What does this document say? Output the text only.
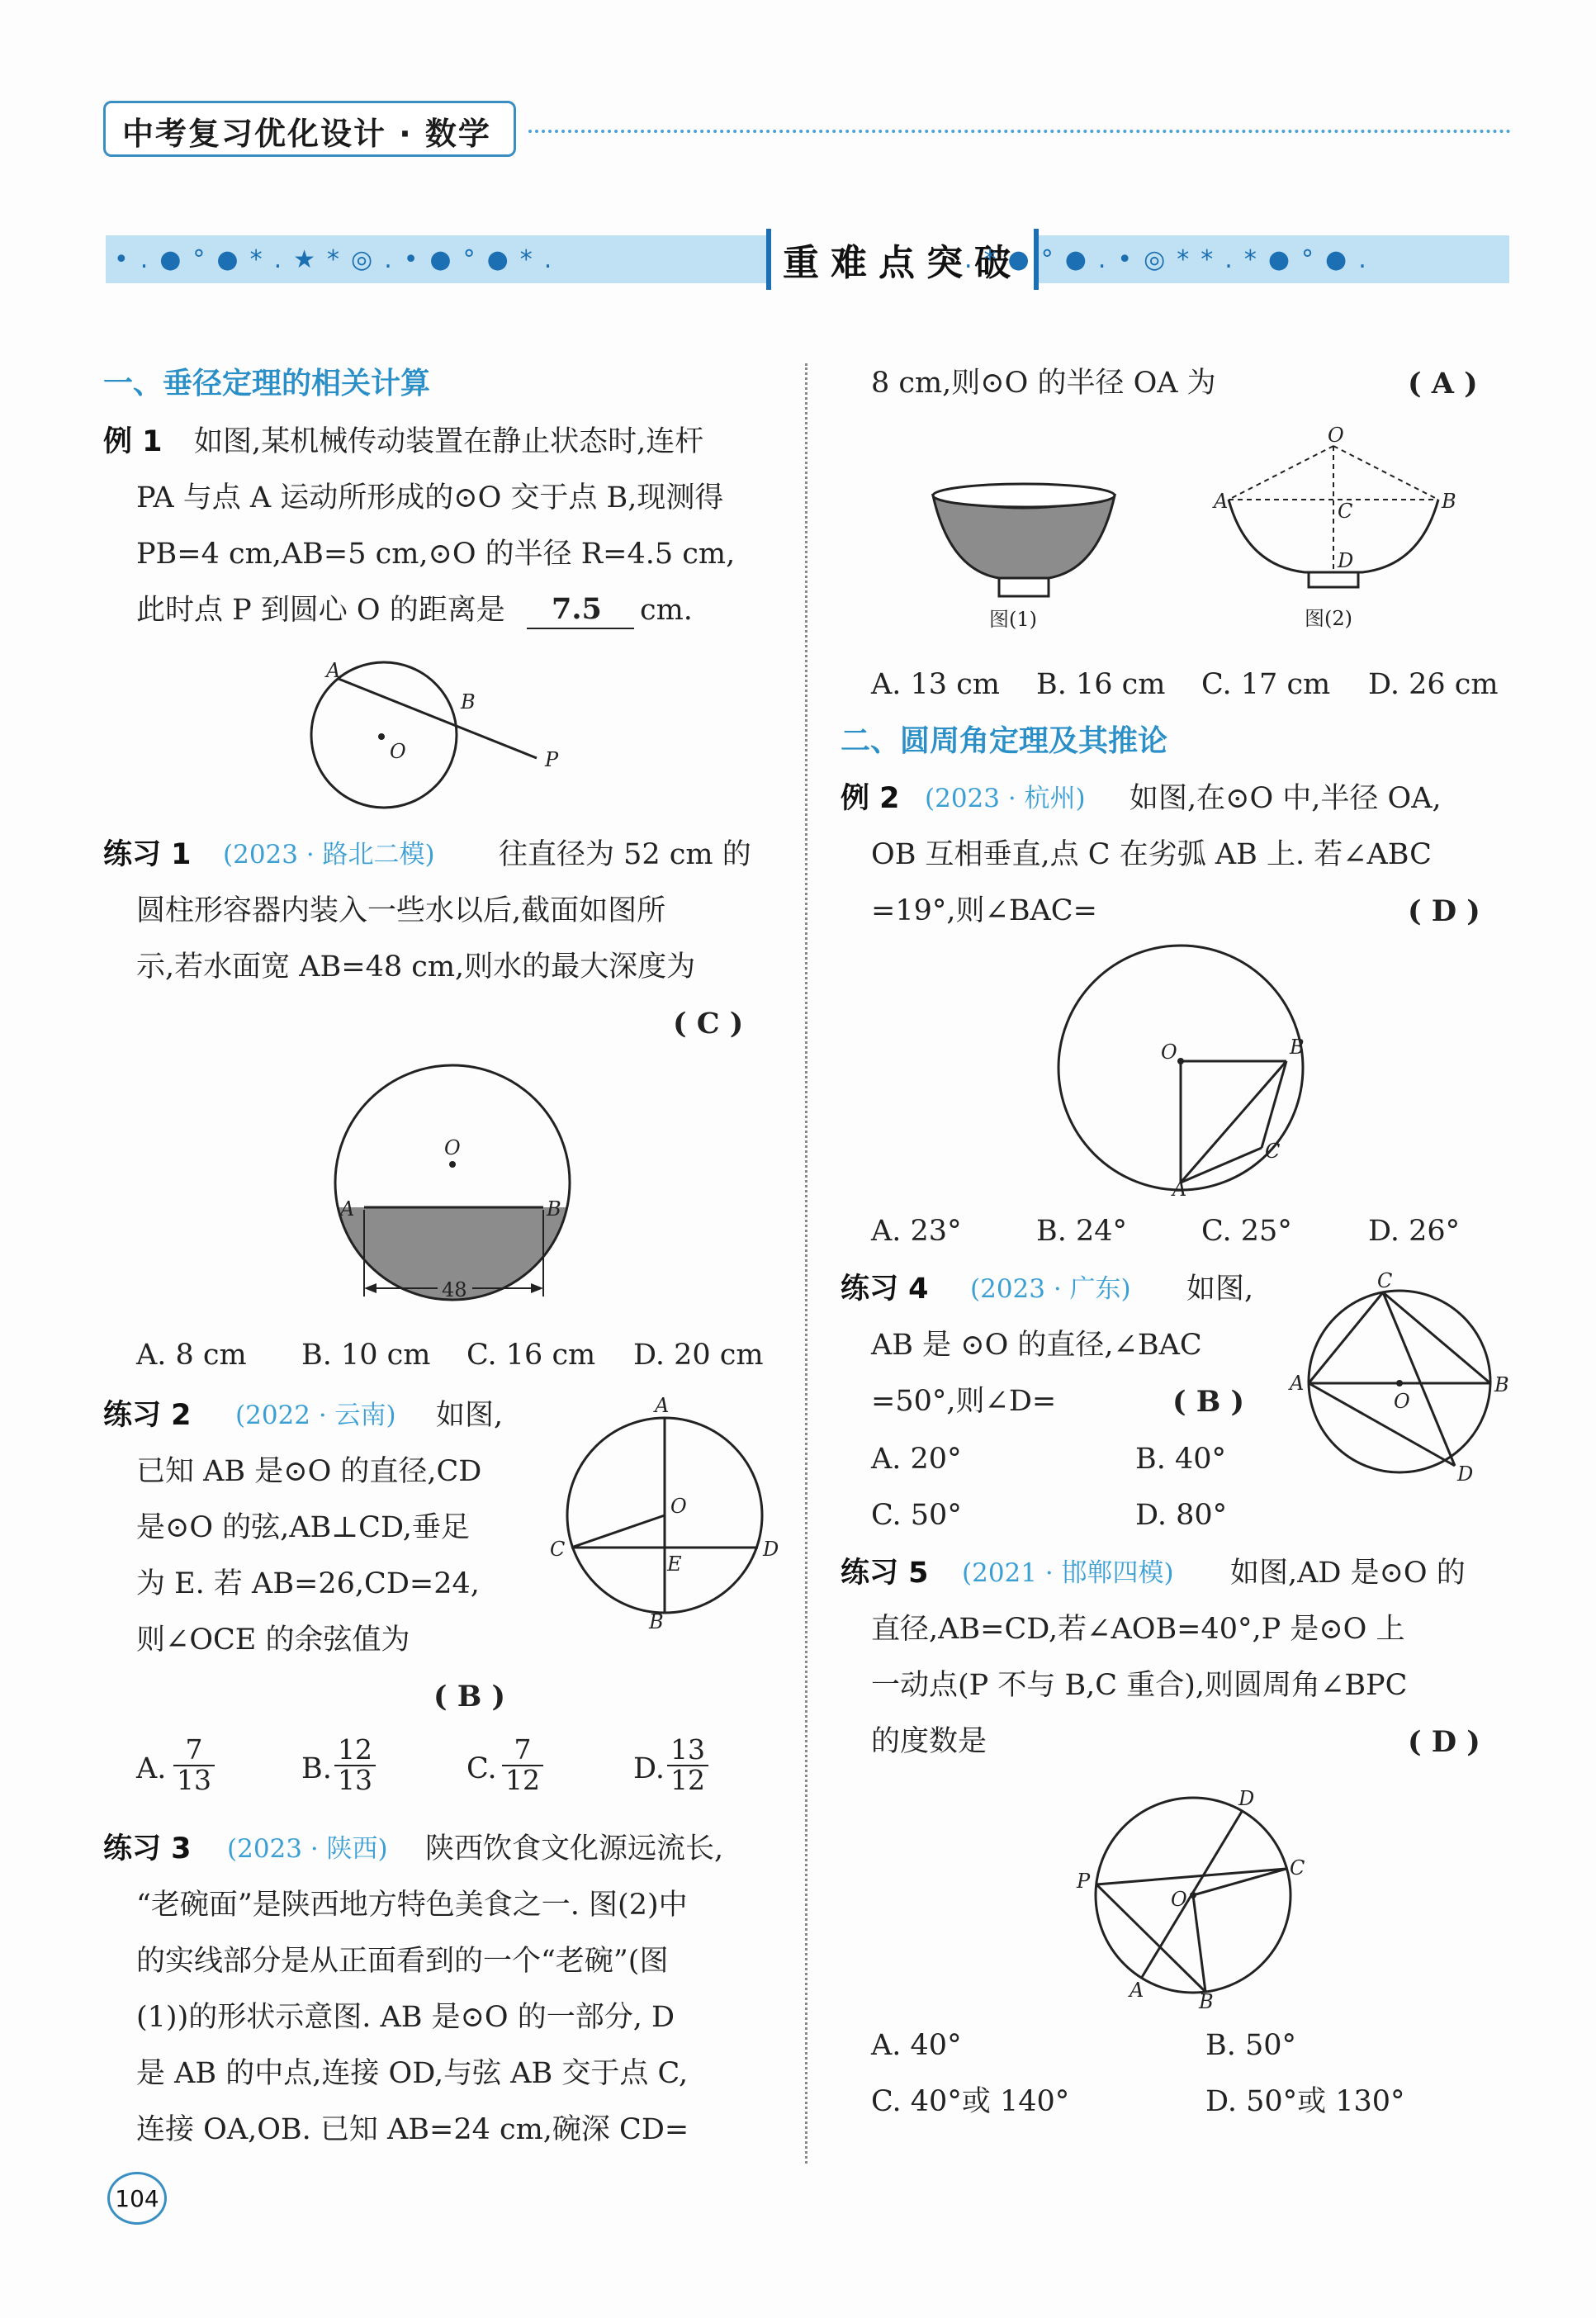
中考复习优化设计 · 数学
•.●°●*.★*◎.•●°●*.	重难点突破
.*●°●.•◎**.*●°●.
一、垂径定理的相关计算
例 1 如图,某机械传动装置在静止状态时,连杆
PA 与点 A 运动所形成的⊙O 交于点 B,现测得
PB=4 cm,AB=5 cm,⊙O 的半径 R=4.5 cm,
此时点 P 到圆心 O 的距离是 7.5 cm.
A
B
O	P
练习 1 (2023 · 路北二模) 往直径为 52 cm 的
圆柱形容器内装入一些水以后,截面如图所
示,若水面宽 AB=48 cm,则水的最大深度为
( C )
O
A	B
48
A. 8 cm B. 10 cm C. 16 cm D. 20 cm
练习 2 (2022 · 云南) 如图,
已知 AB 是⊙O 的直径,CD
是⊙O 的弦,AB⊥CD,垂足
为 E. 若 AB=26,CD=24,
则∠OCE 的余弦值为
( B )
A
B
C	D
E
O
A. $\frac{7}{13}$	B. $\frac{12}{13}$	C. $\frac{7}{12}$	D. $\frac{13}{12}$
练习 3 (2023 · 陕西) 陕西饮食文化源远流长,
“老碗面”是陕西地方特色美食之一. 图(2)中
的实线部分是从正面看到的一个“老碗”(图
(1))的形状示意图. AB 是⊙O 的一部分, D
是 AB 的中点,连接 OD,与弦 AB 交于点 C,
连接 OA,OB. 已知 AB=24 cm,碗深 CD=
104
8 cm,则⊙O 的半径 OA 为	( A )
图(1)
O
A	B
C
D
图(2)
A. 13 cm B. 16 cm C. 17 cm D. 26 cm
二、圆周角定理及其推论
例 2 (2023 · 杭州) 如图,在⊙O 中,半径 OA,
OB 互相垂直,点 C 在劣弧 AB 上. 若∠ABC
=19°,则∠BAC=	( D )
O	B
C
A
A. 23°	B. 24°	C. 25°	D. 26°
练习 4 (2023 · 广东) 如图,
AB 是 ⊙O 的直径,∠BAC
=50°,则∠D=	( B )
C
A	B
O
D
A. 20°	B. 40°
C. 50°	D. 80°
练习 5 (2021 · 邯郸四模) 如图,AD 是⊙O 的
直径,AB=CD,若∠AOB=40°,P 是⊙O 上
一动点(P 不与 B,C 重合),则圆周角∠BPC
的度数是	( D )
D
C
P
O
A	B
A. 40°	B. 50°
C. 40°或 140°	D. 50°或 130°
